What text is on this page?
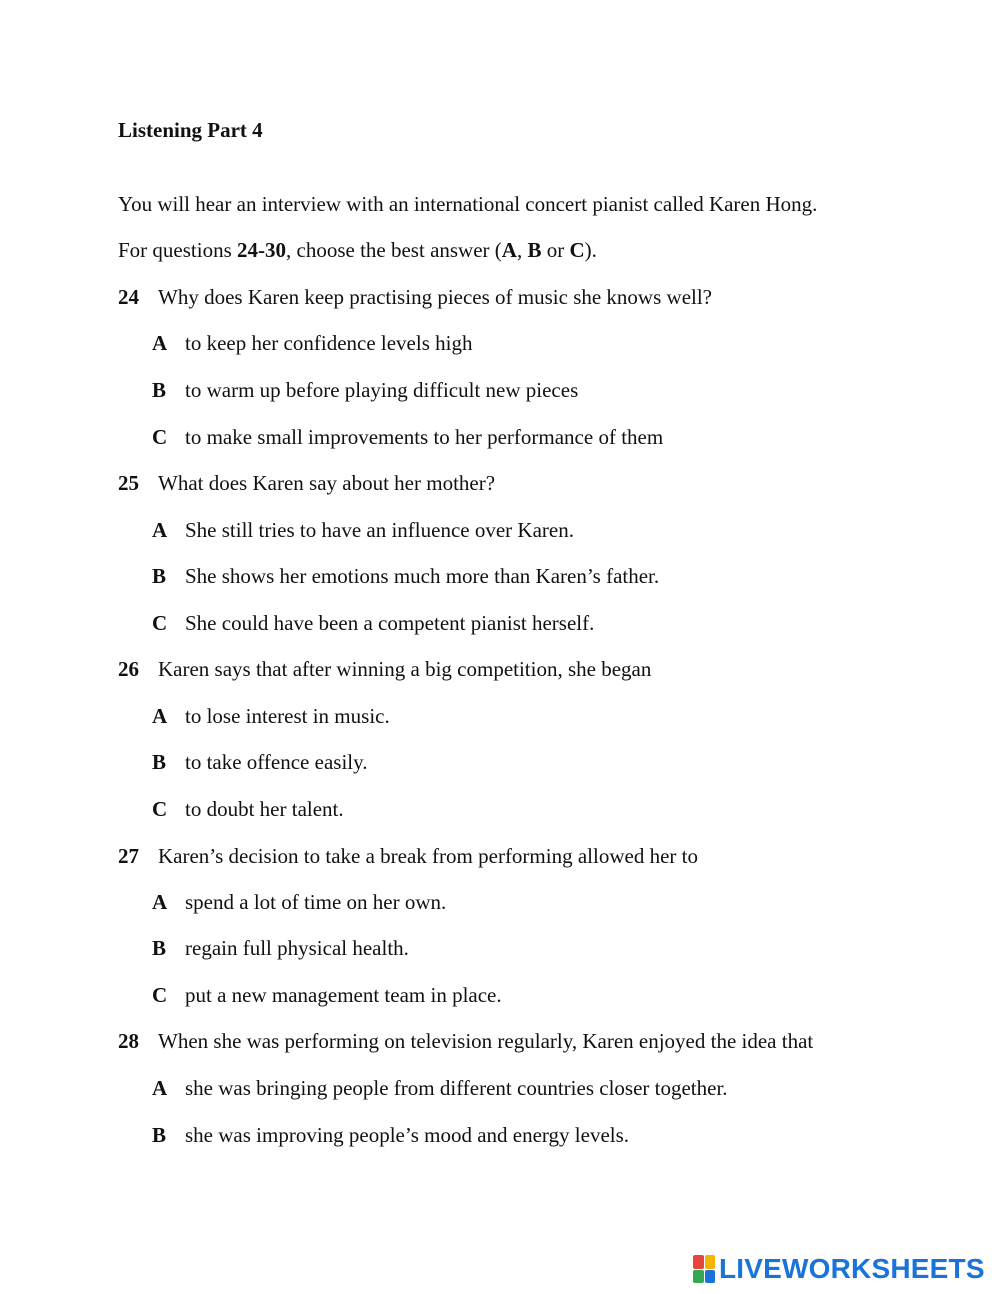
Listening Part 4
You will hear an interview with an international concert pianist called Karen Hong.
For questions 24-30, choose the best answer (A, B or C).
24 Why does Karen keep practising pieces of music she knows well?
A to keep her confidence levels high
B to warm up before playing difficult new pieces
C to make small improvements to her performance of them
25 What does Karen say about her mother?
A She still tries to have an influence over Karen.
B She shows her emotions much more than Karen’s father.
C She could have been a competent pianist herself.
26 Karen says that after winning a big competition, she began
A to lose interest in music.
B to take offence easily.
C to doubt her talent.
27 Karen’s decision to take a break from performing allowed her to
A spend a lot of time on her own.
B regain full physical health.
C put a new management team in place.
28 When she was performing on television regularly, Karen enjoyed the idea that
A she was bringing people from different countries closer together.
B she was improving people’s mood and energy levels.
LIVEWORKSHEETS
